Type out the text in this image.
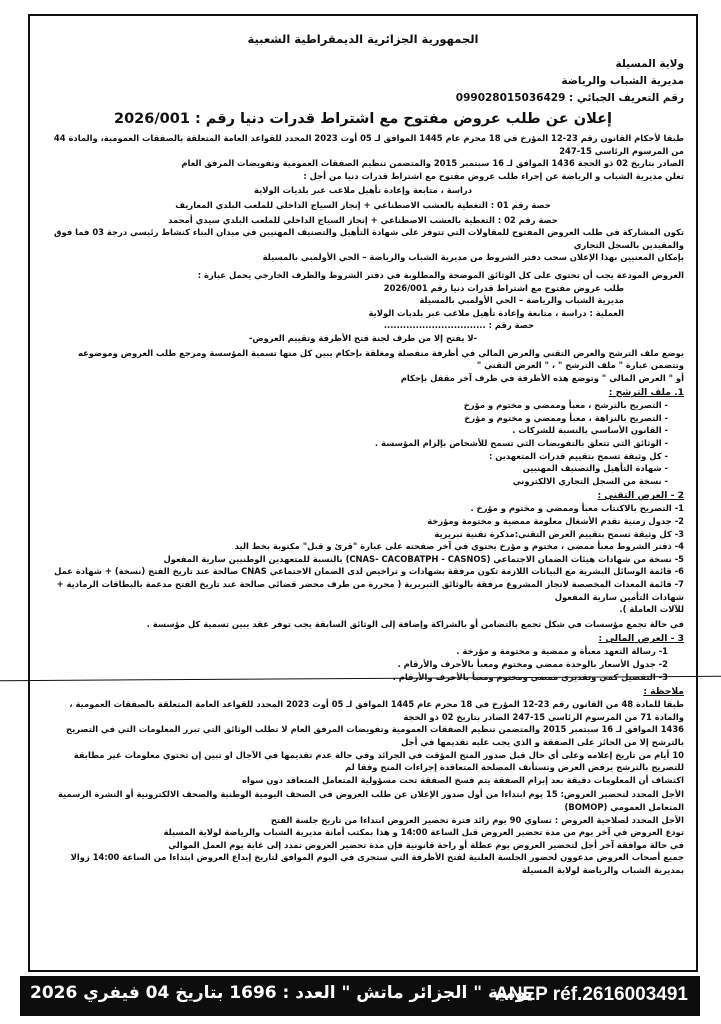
الجمهورية الجزائرية الديمقراطية الشعبية
ولاية المسيلة
مديرية الشباب والرياضة
رقم التعريف الجبائي : 099028015036429
إعلان عن طلب عروض مفتوح مع اشتراط قدرات دنيا رقم : 2026/001

طبقا لأحكام القانون رقم 23-12 المؤرخ في 18 محرم عام 1445 الموافق لـ 05 أوت 2023 المحدد للقواعد العامة المتعلقة بالصفقات العمومية، والمادة 44 من المرسوم الرئاسي 15-247

الصادر بتاريخ 02 ذو الحجة 1436 الموافق لـ 16 سبتمبر 2015 والمتضمن تنظيم الصفقات العمومية وتفويضات المرفق العام

تعلن مديرية الشباب و الرياضة عن إجراء طلب عروض مفتوح مع اشتراط قدرات دنيا من أجل :

دراسة ، متابعة وإعادة تأهيل ملاعب عبر بلديات الولاية

حصة رقم 01 : التغطية بالعشب الاصطناعي + إنجاز السياج الداخلي للملعب البلدي المعاريف

حصة رقم 02 : التغطية بالعشب الاصطناعي + إنجاز السياج الداخلي للملعب البلدي سيدي أمحمد

تكون المشاركة في طلب العروض المفتوح للمقاولات التي تتوفر على شهادة التأهيل والتصنيف المهنيين في ميدان البناء كنشاط رئيسي درجة 03 فما فوق والمقيدين بالسجل التجاري

بإمكان المعنيين بهذا الإعلان سحب دفتر الشروط من مديرية الشباب والرياضة – الحي الأولمبي بالمسيلة

العروض المودعة يجب أن تحتوي على كل الوثائق الموضحة والمطلوبة في دفتر الشروط والظرف الخارجي يحمل عبارة :

طلب عروض مفتوح مع اشتراط قدرات دنيا رقم 2026/001

مديرية الشباب والرياضة – الحي الأولمبي بالمسيلة

العملية : دراسة ، متابعة وإعادة تأهيل ملاعب عبر بلديات الولاية

حصة رقم : ................................

-لا يفتح إلا من طرف لجنة فتح الأظرفة وتقييم العروض-

يوضع ملف الترشح والعرض التقني والعرض المالي في أظرفة منفصلة ومغلقة بإحكام يبين كل منها تسمية المؤسسة ومرجع طلب العروض وموضوعه وتتضمن عبارة " ملف الترشح " ، " العرض التقني "

أو " العرض المالي " وتوضع هذه الأظرفة في ظرف آخر مقفل بإحكام

1. ملف الترشح :

- التصريح بالترشح ، معبأ وممضي و مختوم و مؤرخ

- التصريح بالنزاهة ، معبأ وممضي و مختوم و مؤرخ

- القانون الأساسي بالنسبة للشركات .

- الوثائق التي تتعلق بالتفويضات التي تسمح للأشخاص بإلزام المؤسسة .

- كل وثيقة تسمح بتقييم قدرات المتعهدين :

- شهادة التأهيل والتصنيف المهنيين

- نسخة من السجل التجاري الالكتروني

2 - العرض التقني :

1- التصريح بالاكتتاب معبأ وممضي و مختوم و مؤرخ .

2- جدول زمنية تقدم الأشغال معلومة ممضية و مختومة ومؤرخة

3- كل وثيقة تسمح بتقييم العرض التقني:مذكرة تقنية تبريرية

4- دفتر الشروط معبأ ممضي ، مختوم و مؤرخ يحتوي في آخر صفحته على عبارة "قرئ و قبل" مكتوبة بخط اليد

5- نسخة من شهادات هيئات الضمان الاجتماعي (CNAS- CACOBATPH - CASNOS) بالنسبة للمتعهدين الوطنيين سارية المفعول

6- قائمة الوسائل البشرية مع البيانات اللازمة تكون مرفقة بشهادات و تراخيص لدى الضمان الاجتماعي CNAS صالحة عند تاريخ الفتح (نسخة) + شهادة عمل

7- قائمة المعدات المخصصة لانجاز المشروع مرفقة بالوثائق التبريرية ( محررة من طرف محضر قضائي صالحة عند تاريخ الفتح مدعمة بالبطاقات الرمادية + شهادات التأمين سارية المفعول

للآلات العاملة ).

في حالة تجمع مؤسسات في شكل تجمع بالتضامن أو بالشراكة وإضافة إلى الوثائق السابقة يجب توفر عقد يبين تسمية كل مؤسسة .

3 - العرض المالي :

1- رسالة التعهد معبأة و ممضية و مختومة و مؤرخة .

2- جدول الأسعار بالوحدة ممضي ومختوم ومعبأ بالأحرف والأرقام .

3- التفصيل كمي وتقديري ممضي ومختوم ومعبأ بالأحرف والأرقام .

ملاحظة :

طبقا للمادة 48 من القانون رقم 23-12 المؤرخ في 18 محرم عام 1445 الموافق لـ 05 أوت 2023 المحدد للقواعد العامة المتعلقة بالصفقات العمومية ، والمادة 71 من المرسوم الرئاسي 15-247 الصادر بتاريخ 02 ذو الحجة

1436 الموافق لـ 16 سبتمبر 2015 والمتضمن تنظيم الصفقات العمومية وتفويضات المرفق العام لا تطلب الوثائق التي تبرر المعلومات التي في التصريح بالترشح إلا من الحائز على الصفقة و الذي يجب عليه تقديمها في أجل

10 أيام من تاريخ إعلامه وعلى أي حال قبل صدور المنح المؤقت في الجرائد وفي حالة عدم تقديمها في الآجال او تبين إن تحتوي معلومات غير مطابقة للتصريح بالترشح يرفض العرض وتستأنف المصلحة المتعاقدة إجراءات المنح وفقا لم

اكتشاف أن المعلومات دقيقة بعد إبرام الصفقة يتم فسخ الصفقة تحت مسؤولية المتعامل المتعاقد دون سواه

الأجل المحدد لتحضير العروض: 15 يوم ابتداءا من أول صدور الإعلان عن طلب العروض في الصحف اليومية الوطنية والصحف الالكترونية أو النشرة الرسمية المتعامل العمومي (BOMOP)

الأجل المحدد لصلاحية العروض : تساوي 90 يوم زائد فترة تحضير العروض ابتداءا من تاريخ جلسة الفتح

تودع العروض في آخر يوم من مدة تحضير العروض قبل الساعة 14:00 و هذا بمكتب أمانة مديرية الشباب والرياضة لولاية المسيلة

في حالة موافقة آخر أجل لتحضير العروض يوم عطلة أو راحة قانونية فإن مدة تحضير العروض تمدد إلى غاية يوم العمل الموالي

جميع أصحاب العروض مدعوون لحضور الجلسة العلنية لفتح الأظرفة التي ستجرى في اليوم الموافق لتاريخ إيداع العروض ابتداءا من الساعة 14:00 زوالا بمديرية الشباب والرياضة لولاية المسيلة

يومية " الجزائر ماتش " العدد : 1696 بتاريخ 04 فيفري 2026
ANEP réf.2616003491
